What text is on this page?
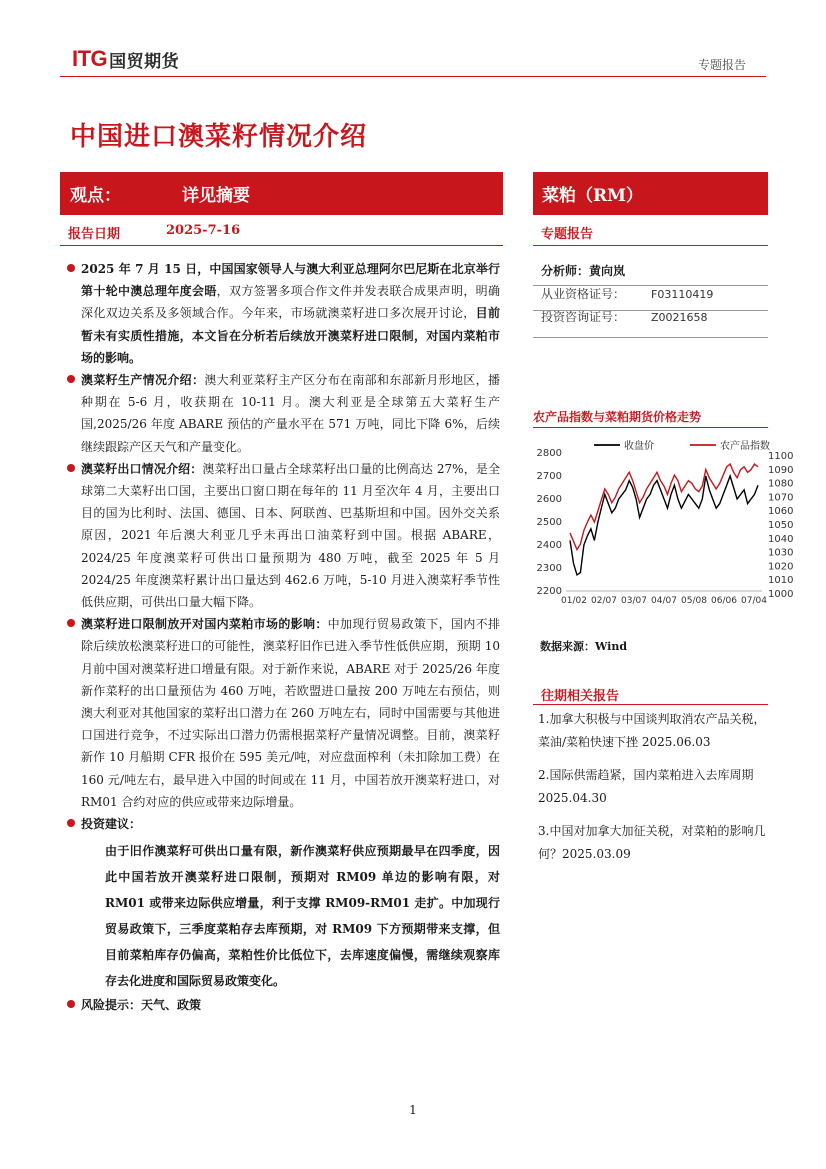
ITG 国贸期货	专题报告
中国进口澳菜籽情况介绍
观点：	详见摘要	菜粕（RM）
报告日期	2025-7-16	专题报告
2025 年 7 月 15 日，中国国家领导人与澳大利亚总理阿尔巴尼斯在北京举行第十轮中澳总理年度会晤，双方签署多项合作文件并发表联合成果声明，明确深化双边关系及多领域合作。今年来，市场就澳菜籽进口多次展开讨论，目前暂未有实质性措施，本文旨在分析若后续放开澳菜籽进口限制，对国内菜粕市场的影响。
澳菜籽生产情况介绍：澳大利亚菜籽主产区分布在南部和东部新月形地区，播种期在 5-6 月，收获期在 10-11 月。澳大利亚是全球第五大菜籽生产国,2025/26 年度 ABARE 预估的产量水平在 571 万吨，同比下降 6%，后续继续跟踪产区天气和产量变化。
澳菜籽出口情况介绍：澳菜籽出口量占全球菜籽出口量的比例高达 27%，是全球第二大菜籽出口国，主要出口窗口期在每年的 11 月至次年 4 月，主要出口目的国为比利时、法国、德国、日本、阿联酋、巴基斯坦和中国。因外交关系原因，2021 年后澳大利亚几乎未再出口油菜籽到中国。根据 ABARE，2024/25 年度澳菜籽可供出口量预期为 480 万吨，截至 2025 年 5 月 2024/25 年度澳菜籽累计出口量达到 462.6 万吨，5-10 月进入澳菜籽季节性低供应期，可供出口量大幅下降。
澳菜籽进口限制放开对国内菜粕市场的影响：中加现行贸易政策下，国内不排除后续放松澳菜籽进口的可能性，澳菜籽旧作已进入季节性低供应期，预期 10 月前中国对澳菜籽进口增量有限。对于新作来说，ABARE 对于 2025/26 年度新作菜籽的出口量预估为 460 万吨，若欧盟进口量按 200 万吨左右预估，则澳大利亚对其他国家的菜籽出口潜力在 260 万吨左右，同时中国需要与其他进口国进行竞争，不过实际出口潜力仍需根据菜籽产量情况调整。目前，澳菜籽新作 10 月船期 CFR 报价在 595 美元/吨，对应盘面榨利（未扣除加工费）在 160 元/吨左右，最早进入中国的时间或在 11 月，中国若放开澳菜籽进口，对 RM01 合约对应的供应或带来边际增量。
投资建议：
由于旧作澳菜籽可供出口量有限，新作澳菜籽供应预期最早在四季度，因此中国若放开澳菜籽进口限制，预期对 RM09 单边的影响有限，对 RM01 或带来边际供应增量，利于支撑 RM09-RM01 走扩。中加现行贸易政策下，三季度菜粕存去库预期，对 RM09 下方预期带来支撑，但目前菜粕库存仍偏高，菜粕性价比低位下，去库速度偏慢，需继续观察库存去化进度和国际贸易政策变化。
风险提示：天气、政策
分析师：黄向岚
从业资格证号： F03110419
投资咨询证号： Z0021658
农产品指数与菜粕期货价格走势
2800
2700
2600
2500
2400
2300
2200
1100
1090
1080
1070
1060
1050
1040
1030
1020
1010
1000
01/02 02/07 03/07 04/07 05/08 06/06 07/04
收盘价	农产品指数
数据来源：Wind
往期相关报告
1.加拿大积极与中国谈判取消农产品关税，菜油/菜粕快速下挫 2025.06.03
2.国际供需趋紧，国内菜粕进入去库周期 2025.04.30
3.中国对加拿大加征关税，对菜粕的影响几何？2025.03.09
1
